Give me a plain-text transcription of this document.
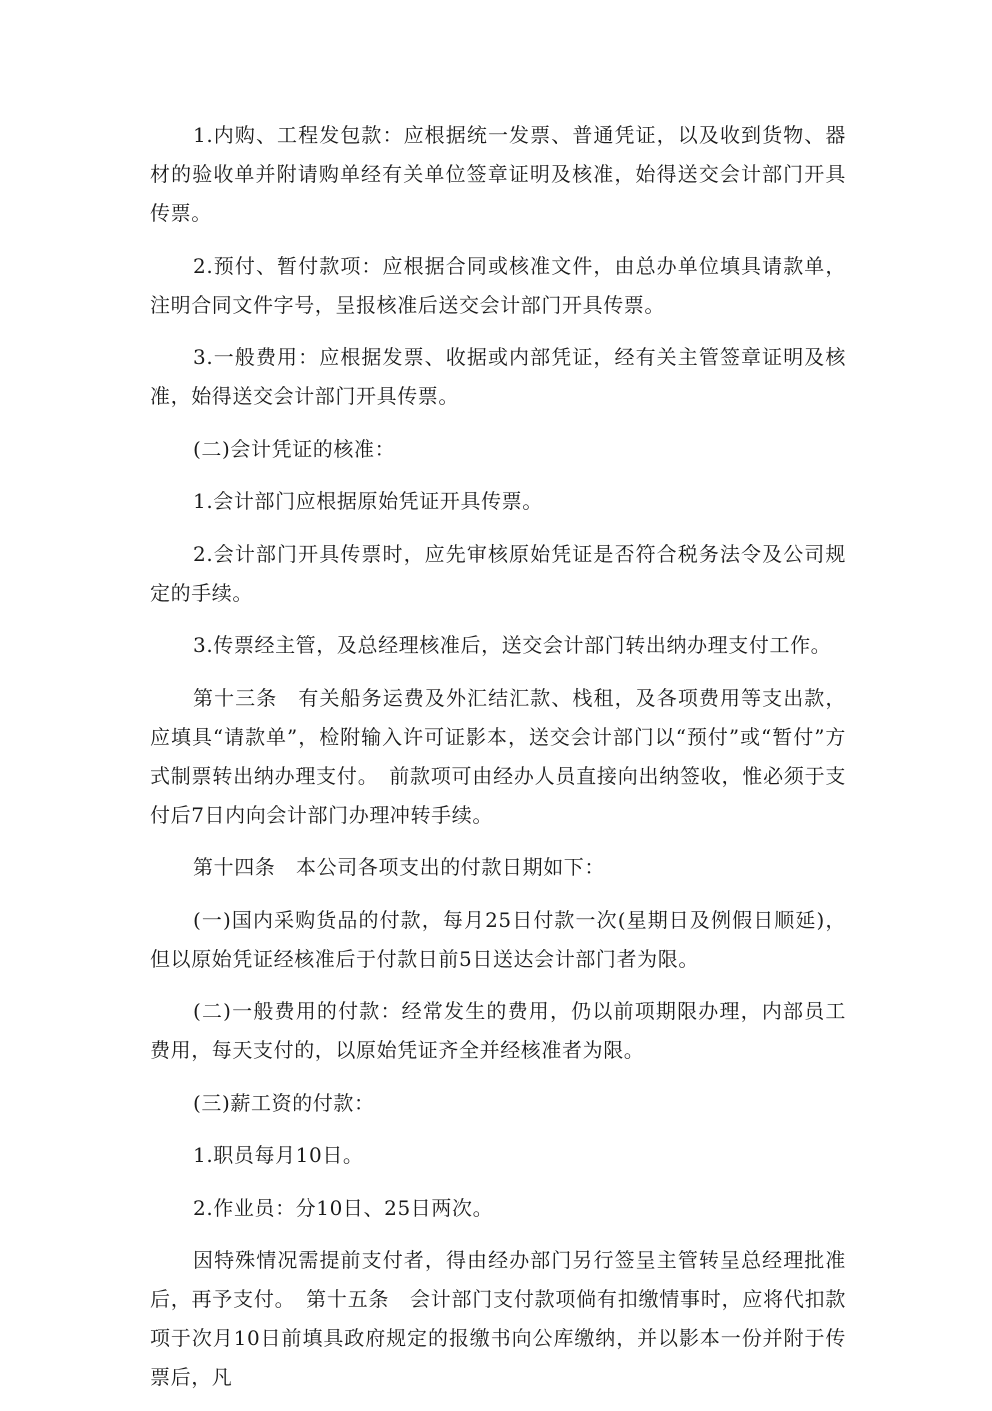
1.内购、工程发包款：应根据统一发票、普通凭证，以及收到货物、器材的验收单并附请购单经有关单位签章证明及核准，始得送交会计部门开具传票。

2.预付、暂付款项：应根据合同或核准文件，由总办单位填具请款单，注明合同文件字号，呈报核准后送交会计部门开具传票。

3.一般费用：应根据发票、收据或内部凭证，经有关主管签章证明及核准，始得送交会计部门开具传票。

(二)会计凭证的核准：

1.会计部门应根据原始凭证开具传票。

2.会计部门开具传票时，应先审核原始凭证是否符合税务法令及公司规定的手续。

3.传票经主管，及总经理核准后，送交会计部门转出纳办理支付工作。

第十三条　有关船务运费及外汇结汇款、栈租，及各项费用等支出款，应填具“请款单”，检附输入许可证影本，送交会计部门以“预付”或“暂付”方式制票转出纳办理支付。　前款项可由经办人员直接向出纳签收，惟必须于支付后7日内向会计部门办理冲转手续。

第十四条　本公司各项支出的付款日期如下：

(一)国内采购货品的付款，每月25日付款一次(星期日及例假日顺延)，但以原始凭证经核准后于付款日前5日送达会计部门者为限。

(二)一般费用的付款：经常发生的费用，仍以前项期限办理，内部员工费用，每天支付的，以原始凭证齐全并经核准者为限。

(三)薪工资的付款：

1.职员每月10日。

2.作业员：分10日、25日两次。

因特殊情况需提前支付者，得由经办部门另行签呈主管转呈总经理批准后，再予支付。　第十五条　会计部门支付款项倘有扣缴情事时，应将代扣款项于次月10日前填具政府规定的报缴书向公库缴纳，并以影本一份并附于传票后，凡
